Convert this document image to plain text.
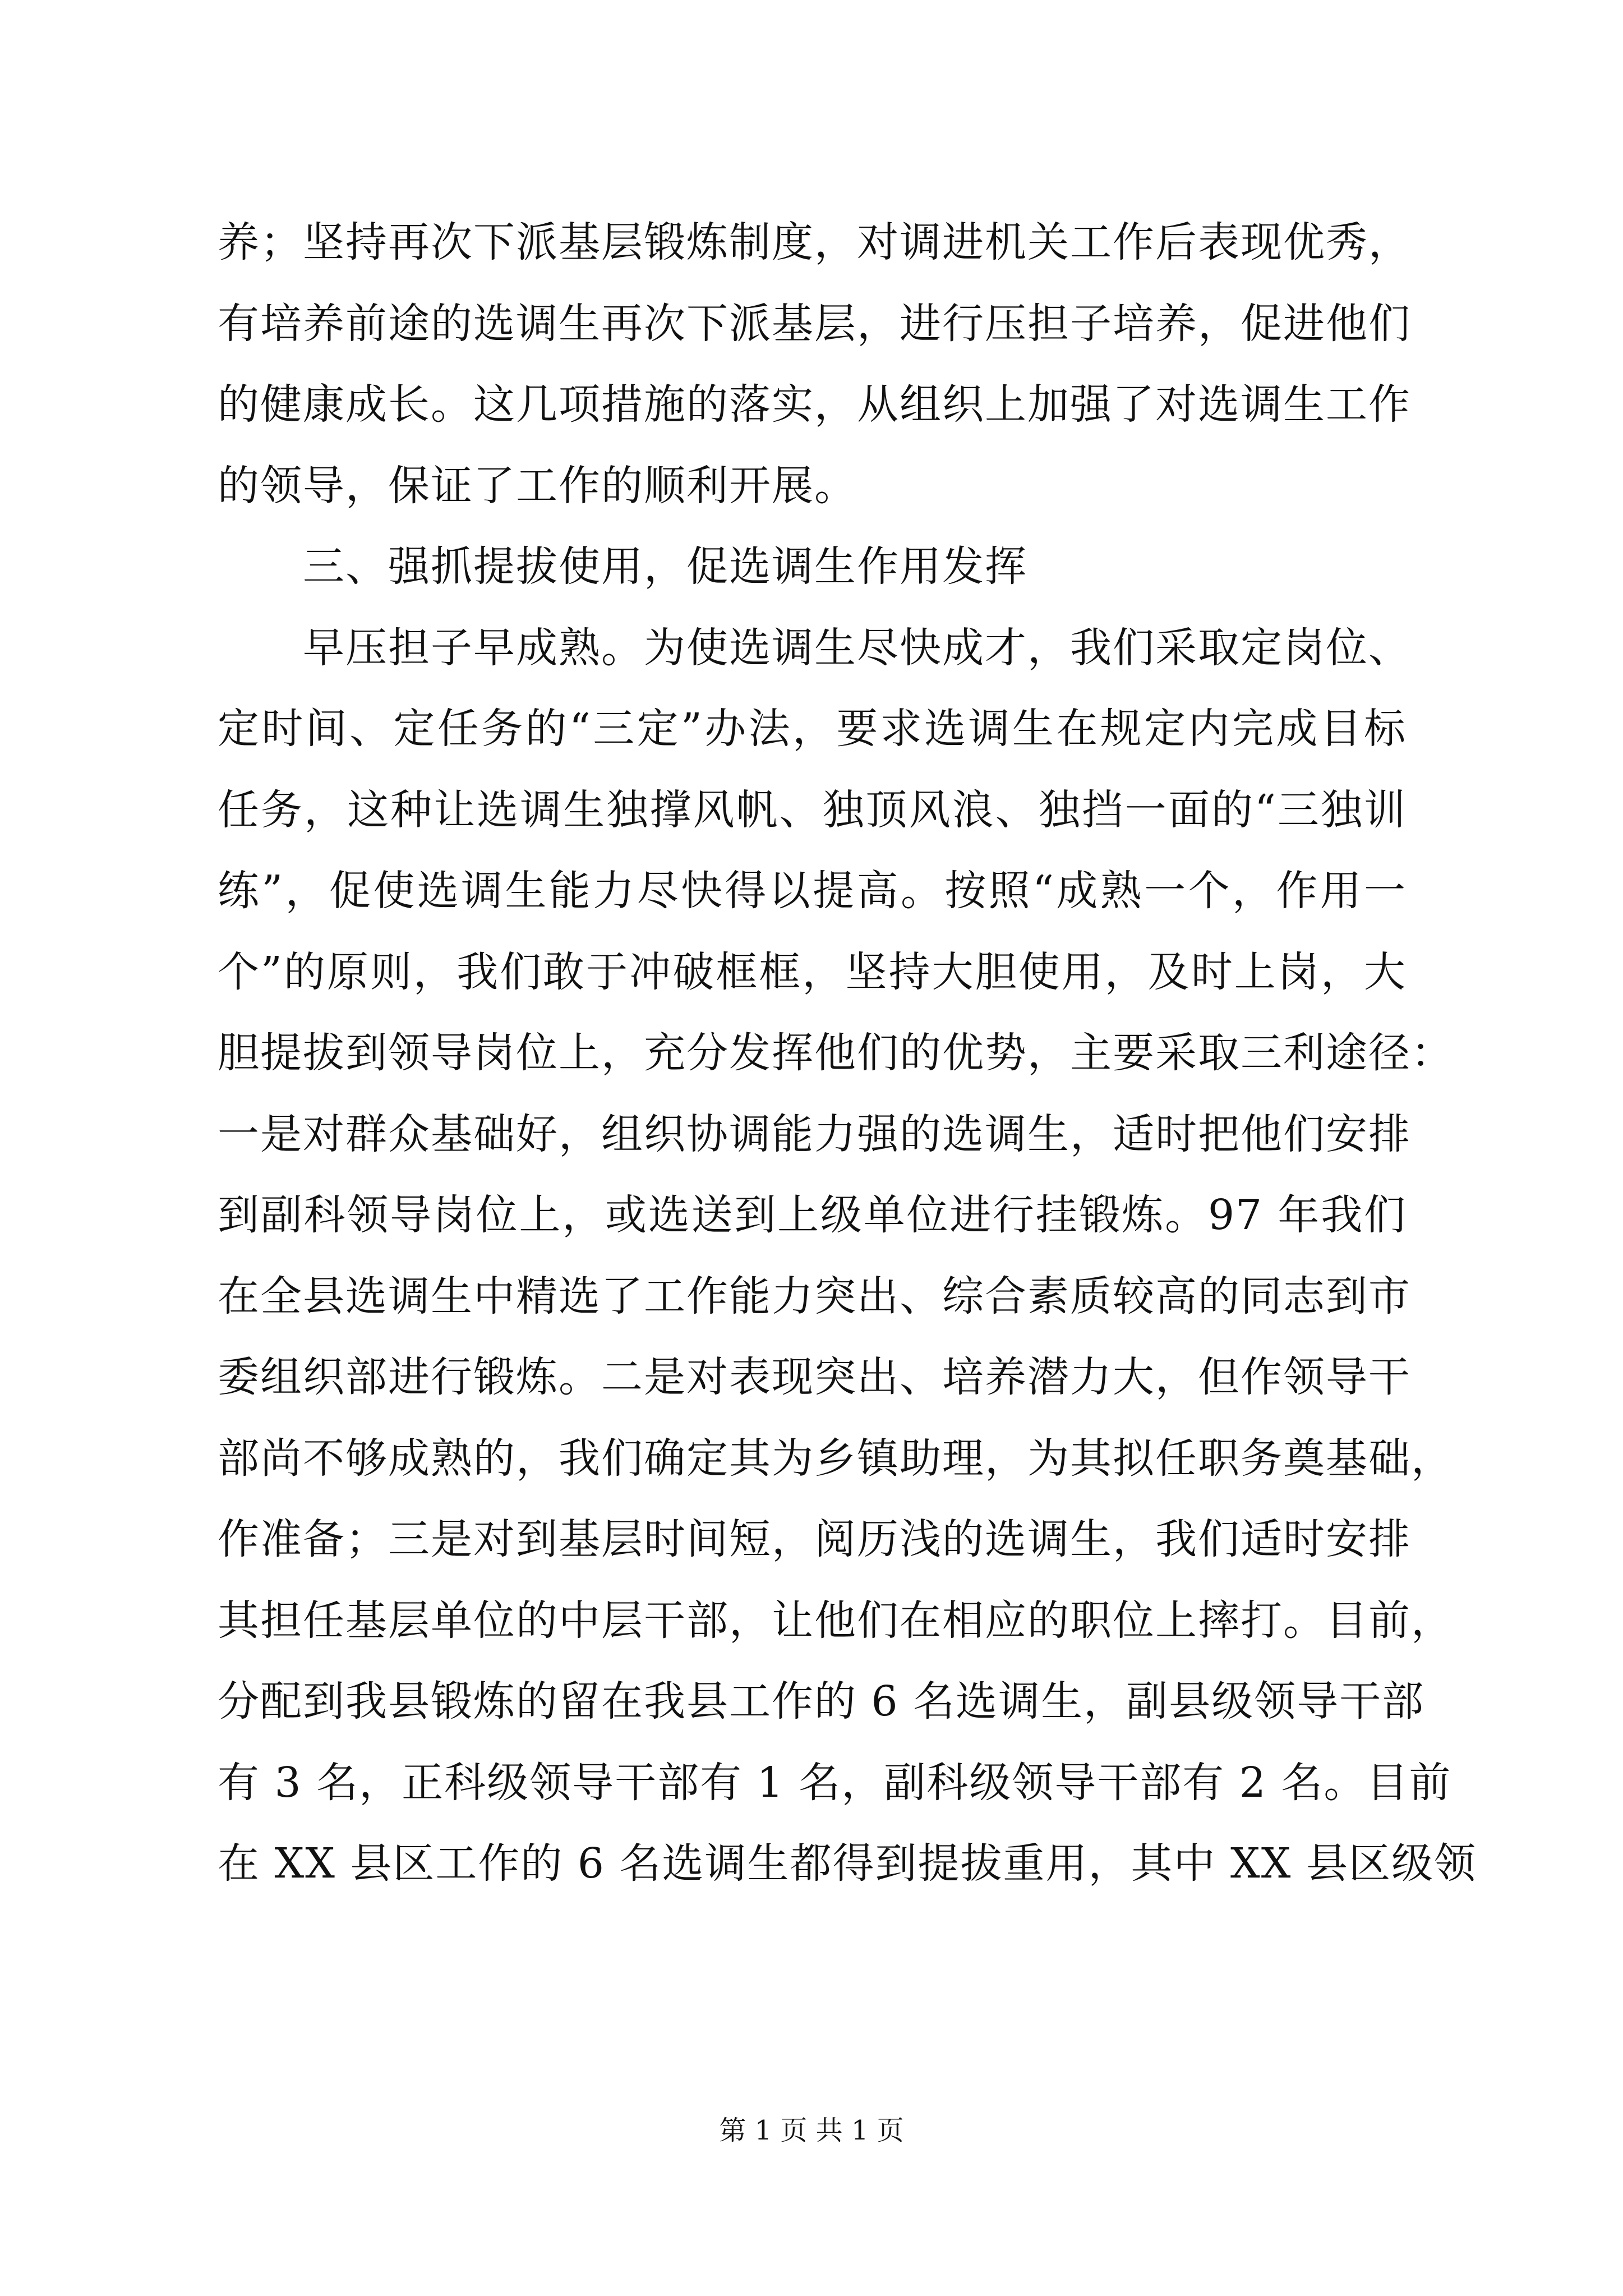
养；坚持再次下派基层锻炼制度，对调进机关工作后表现优秀，
有培养前途的选调生再次下派基层，进行压担子培养，促进他们
的健康成长。这几项措施的落实，从组织上加强了对选调生工作
的领导，保证了工作的顺利开展。
三、强抓提拔使用，促选调生作用发挥
早压担子早成熟。为使选调生尽快成才，我们采取定岗位、
定时间、定任务的“三定”办法，要求选调生在规定内完成目标
任务，这种让选调生独撑风帆、独顶风浪、独挡一面的“三独训
练”，促使选调生能力尽快得以提高。按照“成熟一个，作用一
个”的原则，我们敢于冲破框框，坚持大胆使用，及时上岗，大
胆提拔到领导岗位上，充分发挥他们的优势，主要采取三利途径：
一是对群众基础好，组织协调能力强的选调生，适时把他们安排
到副科领导岗位上，或选送到上级单位进行挂锻炼。97 年我们
在全县选调生中精选了工作能力突出、综合素质较高的同志到市
委组织部进行锻炼。二是对表现突出、培养潜力大，但作领导干
部尚不够成熟的，我们确定其为乡镇助理，为其拟任职务奠基础，
作准备；三是对到基层时间短，阅历浅的选调生，我们适时安排
其担任基层单位的中层干部，让他们在相应的职位上摔打。目前，
分配到我县锻炼的留在我县工作的 6 名选调生，副县级领导干部
有 3 名，正科级领导干部有 1 名，副科级领导干部有 2 名。目前
在 XX 县区工作的 6 名选调生都得到提拔重用，其中 XX 县区级领
第 1 页 共 1 页
